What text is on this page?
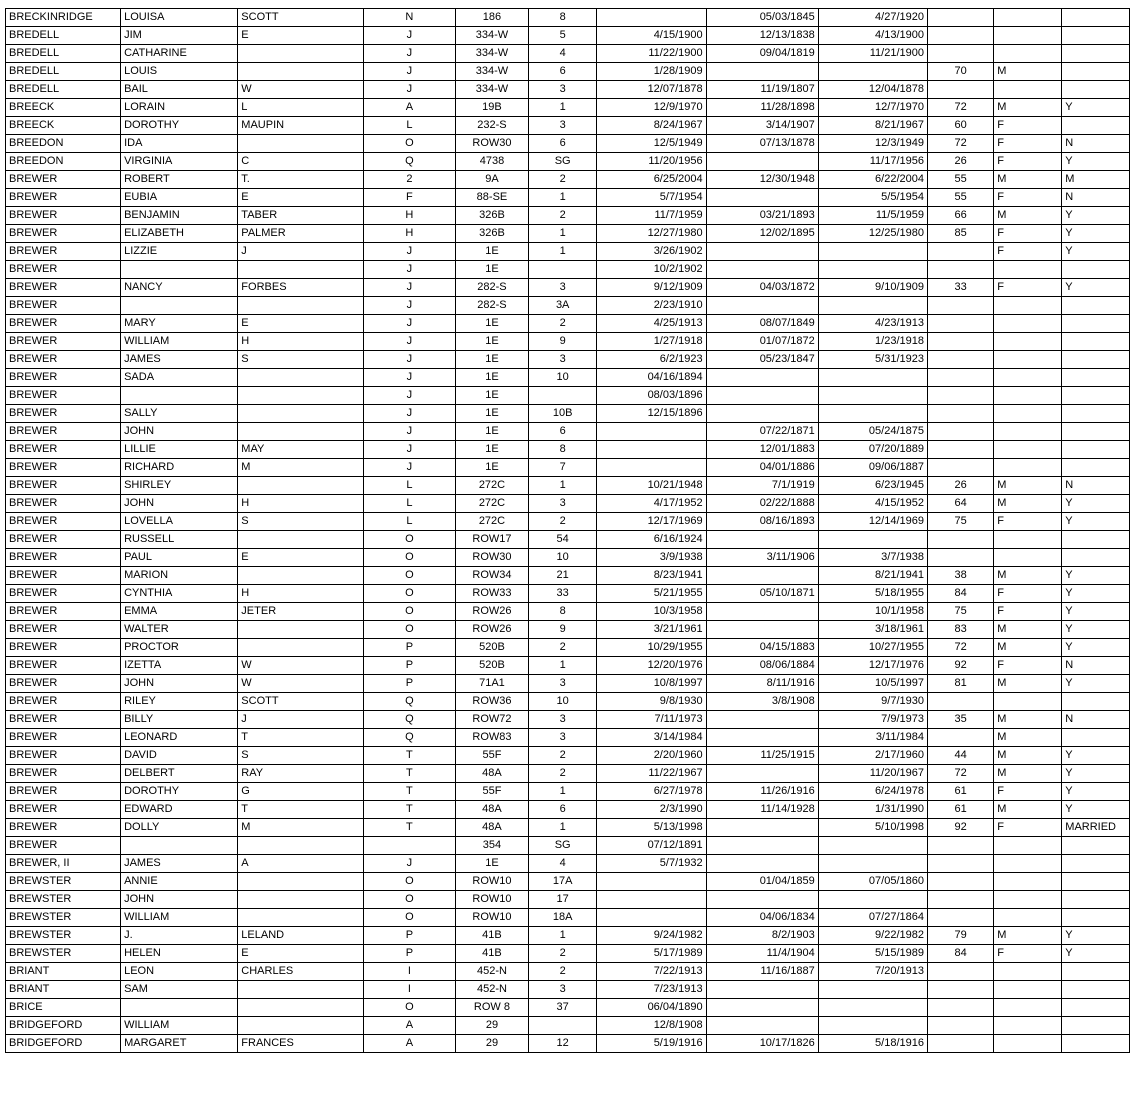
BRECKINRIDGE	LOUISA	SCOTT	N	186	8		05/03/1845	4/27/1920			
BREDELL	JIM	E	J	334-W	5	4/15/1900	12/13/1838	4/13/1900			
BREDELL	CATHARINE		J	334-W	4	11/22/1900	09/04/1819	11/21/1900			
BREDELL	LOUIS		J	334-W	6	1/28/1909			70	M	
BREDELL	BAIL	W	J	334-W	3	12/07/1878	11/19/1807	12/04/1878			
BREECK	LORAIN	L	A	19B	1	12/9/1970	11/28/1898	12/7/1970	72	M	Y
BREECK	DOROTHY	MAUPIN	L	232-S	3	8/24/1967	3/14/1907	8/21/1967	60	F	
BREEDON	IDA		O	ROW30	6	12/5/1949	07/13/1878	12/3/1949	72	F	N
BREEDON	VIRGINIA	C	Q	4738	SG	11/20/1956		11/17/1956	26	F	Y
BREWER	ROBERT	T.	2	9A	2	6/25/2004	12/30/1948	6/22/2004	55	M	M
BREWER	EUBIA	E	F	88-SE	1	5/7/1954		5/5/1954	55	F	N
BREWER	BENJAMIN	TABER	H	326B	2	11/7/1959	03/21/1893	11/5/1959	66	M	Y
BREWER	ELIZABETH	PALMER	H	326B	1	12/27/1980	12/02/1895	12/25/1980	85	F	Y
BREWER	LIZZIE	J	J	1E	1	3/26/1902				F	Y
BREWER			J	1E		10/2/1902					
BREWER	NANCY	FORBES	J	282-S	3	9/12/1909	04/03/1872	9/10/1909	33	F	Y
BREWER			J	282-S	3A	2/23/1910					
BREWER	MARY	E	J	1E	2	4/25/1913	08/07/1849	4/23/1913			
BREWER	WILLIAM	H	J	1E	9	1/27/1918	01/07/1872	1/23/1918			
BREWER	JAMES	S	J	1E	3	6/2/1923	05/23/1847	5/31/1923			
BREWER	SADA		J	1E	10	04/16/1894					
BREWER			J	1E		08/03/1896					
BREWER	SALLY		J	1E	10B	12/15/1896					
BREWER	JOHN		J	1E	6		07/22/1871	05/24/1875			
BREWER	LILLIE	MAY	J	1E	8		12/01/1883	07/20/1889			
BREWER	RICHARD	M	J	1E	7		04/01/1886	09/06/1887			
BREWER	SHIRLEY		L	272C	1	10/21/1948	7/1/1919	6/23/1945	26	M	N
BREWER	JOHN	H	L	272C	3	4/17/1952	02/22/1888	4/15/1952	64	M	Y
BREWER	LOVELLA	S	L	272C	2	12/17/1969	08/16/1893	12/14/1969	75	F	Y
BREWER	RUSSELL		O	ROW17	54	6/16/1924					
BREWER	PAUL	E	O	ROW30	10	3/9/1938	3/11/1906	3/7/1938			
BREWER	MARION		O	ROW34	21	8/23/1941		8/21/1941	38	M	Y
BREWER	CYNTHIA	H	O	ROW33	33	5/21/1955	05/10/1871	5/18/1955	84	F	Y
BREWER	EMMA	JETER	O	ROW26	8	10/3/1958		10/1/1958	75	F	Y
BREWER	WALTER		O	ROW26	9	3/21/1961		3/18/1961	83	M	Y
BREWER	PROCTOR		P	520B	2	10/29/1955	04/15/1883	10/27/1955	72	M	Y
BREWER	IZETTA	W	P	520B	1	12/20/1976	08/06/1884	12/17/1976	92	F	N
BREWER	JOHN	W	P	71A1	3	10/8/1997	8/11/1916	10/5/1997	81	M	Y
BREWER	RILEY	SCOTT	Q	ROW36	10	9/8/1930	3/8/1908	9/7/1930			
BREWER	BILLY	J	Q	ROW72	3	7/11/1973		7/9/1973	35	M	N
BREWER	LEONARD	T	Q	ROW83	3	3/14/1984		3/11/1984		M	
BREWER	DAVID	S	T	55F	2	2/20/1960	11/25/1915	2/17/1960	44	M	Y
BREWER	DELBERT	RAY	T	48A	2	11/22/1967		11/20/1967	72	M	Y
BREWER	DOROTHY	G	T	55F	1	6/27/1978	11/26/1916	6/24/1978	61	F	Y
BREWER	EDWARD	T	T	48A	6	2/3/1990	11/14/1928	1/31/1990	61	M	Y
BREWER	DOLLY	M	T	48A	1	5/13/1998		5/10/1998	92	F	MARRIED
BREWER				354	SG	07/12/1891					
BREWER, II	JAMES	A	J	1E	4	5/7/1932					
BREWSTER	ANNIE		O	ROW10	17A		01/04/1859	07/05/1860			
BREWSTER	JOHN		O	ROW10	17						
BREWSTER	WILLIAM		O	ROW10	18A		04/06/1834	07/27/1864			
BREWSTER	J.	LELAND	P	41B	1	9/24/1982	8/2/1903	9/22/1982	79	M	Y
BREWSTER	HELEN	E	P	41B	2	5/17/1989	11/4/1904	5/15/1989	84	F	Y
BRIANT	LEON	CHARLES	I	452-N	2	7/22/1913	11/16/1887	7/20/1913			
BRIANT	SAM		I	452-N	3	7/23/1913					
BRICE			O	ROW 8	37	06/04/1890					
BRIDGEFORD	WILLIAM		A	29		12/8/1908					
BRIDGEFORD	MARGARET	FRANCES	A	29	12	5/19/1916	10/17/1826	5/18/1916			
